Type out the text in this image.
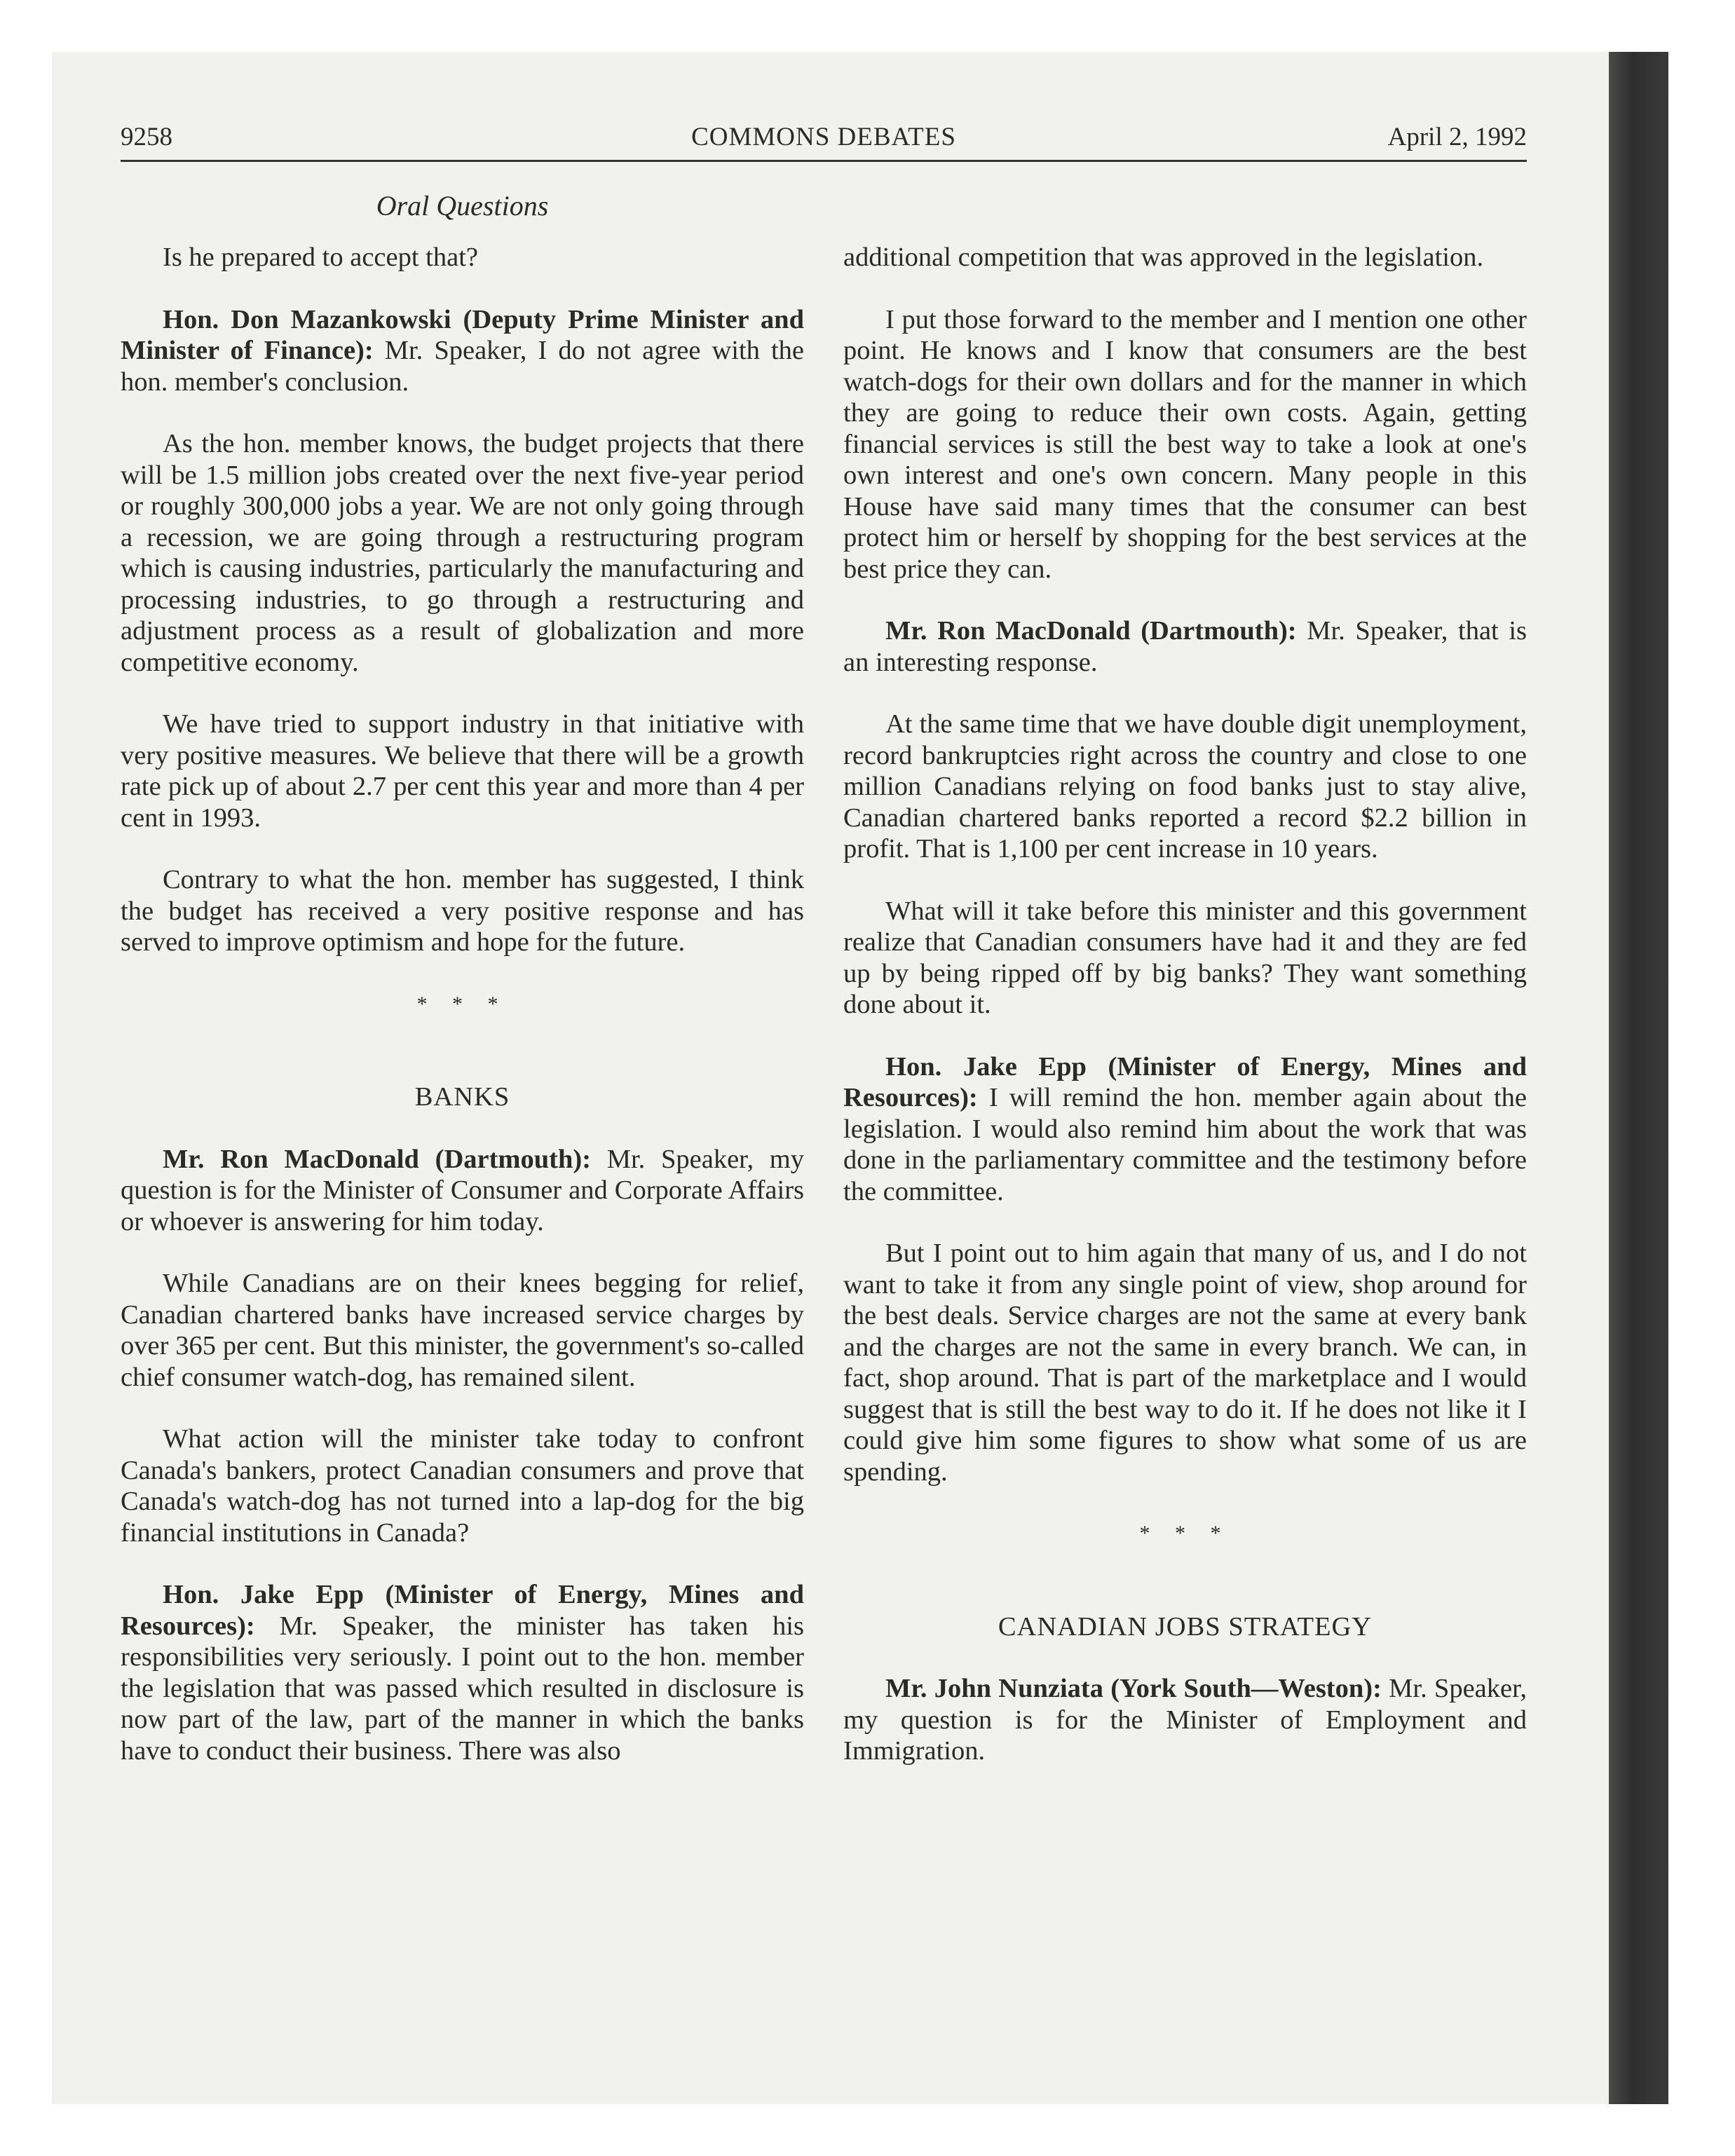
9258	COMMONS DEBATES	April 2, 1992
Oral Questions

Is he prepared to accept that?

Hon. Don Mazankowski (Deputy Prime Minister and Minister of Finance): Mr. Speaker, I do not agree with the hon. member's conclusion.

As the hon. member knows, the budget projects that there will be 1.5 million jobs created over the next five-year period or roughly 300,000 jobs a year. We are not only going through a recession, we are going through a restructuring program which is causing industries, particularly the manufacturing and processing industries, to go through a restructuring and adjustment process as a result of globalization and more competitive economy.

We have tried to support industry in that initiative with very positive measures. We believe that there will be a growth rate pick up of about 2.7 per cent this year and more than 4 per cent in 1993.

Contrary to what the hon. member has suggested, I think the budget has received a very positive response and has served to improve optimism and hope for the future.

* * *
BANKS

Mr. Ron MacDonald (Dartmouth): Mr. Speaker, my question is for the Minister of Consumer and Corporate Affairs or whoever is answering for him today.

While Canadians are on their knees begging for relief, Canadian chartered banks have increased service charges by over 365 per cent. But this minister, the government's so-called chief consumer watch-dog, has remained silent.

What action will the minister take today to confront Canada's bankers, protect Canadian consumers and prove that Canada's watch-dog has not turned into a lap-dog for the big financial institutions in Canada?

Hon. Jake Epp (Minister of Energy, Mines and Resources): Mr. Speaker, the minister has taken his responsibilities very seriously. I point out to the hon. member the legislation that was passed which resulted in disclosure is now part of the law, part of the manner in which the banks have to conduct their business. There was also

additional competition that was approved in the legislation.

I put those forward to the member and I mention one other point. He knows and I know that consumers are the best watch-dogs for their own dollars and for the manner in which they are going to reduce their own costs. Again, getting financial services is still the best way to take a look at one's own interest and one's own concern. Many people in this House have said many times that the consumer can best protect him or herself by shopping for the best services at the best price they can.

Mr. Ron MacDonald (Dartmouth): Mr. Speaker, that is an interesting response.

At the same time that we have double digit unemployment, record bankruptcies right across the country and close to one million Canadians relying on food banks just to stay alive, Canadian chartered banks reported a record $2.2 billion in profit. That is 1,100 per cent increase in 10 years.

What will it take before this minister and this government realize that Canadian consumers have had it and they are fed up by being ripped off by big banks? They want something done about it.

Hon. Jake Epp (Minister of Energy, Mines and Resources): I will remind the hon. member again about the legislation. I would also remind him about the work that was done in the parliamentary committee and the testimony before the committee.

But I point out to him again that many of us, and I do not want to take it from any single point of view, shop around for the best deals. Service charges are not the same at every bank and the charges are not the same in every branch. We can, in fact, shop around. That is part of the marketplace and I would suggest that is still the best way to do it. If he does not like it I could give him some figures to show what some of us are spending.

* * *
CANADIAN JOBS STRATEGY

Mr. John Nunziata (York South—Weston): Mr. Speaker, my question is for the Minister of Employment and Immigration.
